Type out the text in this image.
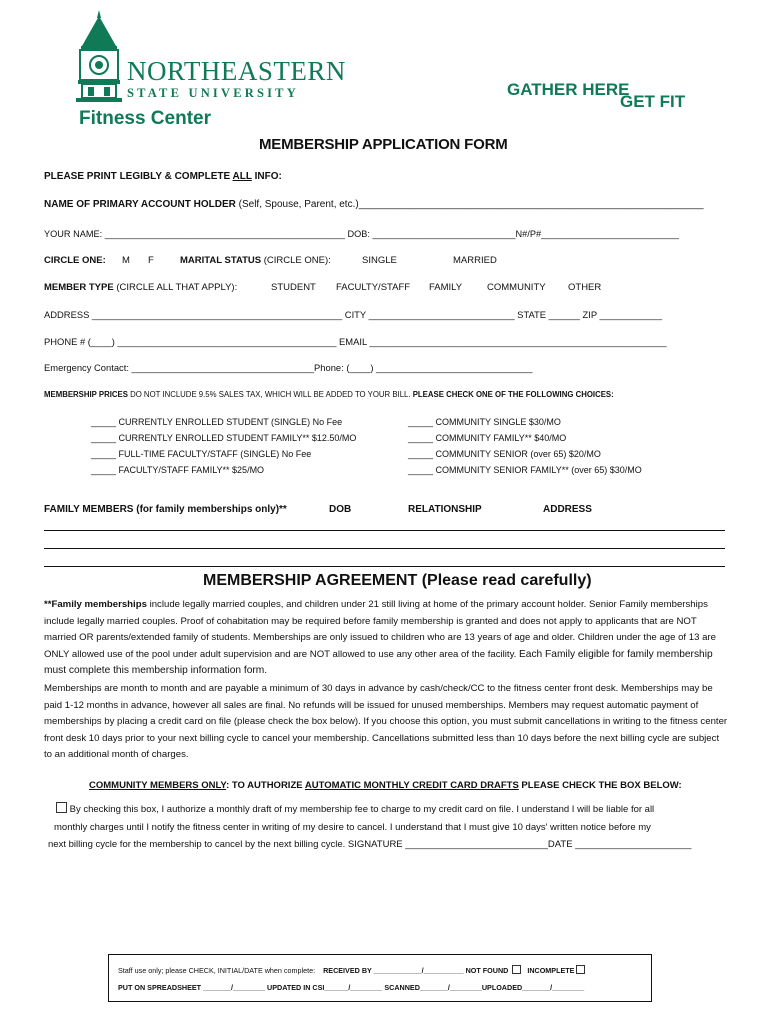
NORTHEASTERN
STATE UNIVERSITY
Fitness Center
GATHER HERE
GET FIT
MEMBERSHIP APPLICATION FORM
PLEASE PRINT LEGIBLY & COMPLETE ALL INFO:
NAME OF PRIMARY ACCOUNT HOLDER (Self, Spouse, Parent, etc.)______________________________________________________________
YOUR NAME: _______________________________________________ DOB: ____________________________N#/P#___________________________
CIRCLE ONE: M F	MARITAL STATUS (CIRCLE ONE):	SINGLE	MARRIED
MEMBER TYPE (CIRCLE ALL THAT APPLY):	STUDENT FACULTY/STAFF FAMILY	COMMUNITY OTHER
ADDRESS ________________________________________________ CITY ____________________________ STATE ______ ZIP ____________
PHONE # (____) __________________________________________ EMAIL _________________________________________________________
Emergency Contact: ___________________________________Phone: (____) ______________________________
MEMBERSHIP PRICES DO NOT INCLUDE 9.5% SALES TAX, WHICH WILL BE ADDED TO YOUR BILL. PLEASE CHECK ONE OF THE FOLLOWING CHOICES:
_____ CURRENTLY ENROLLED STUDENT (SINGLE) No Fee
_____ CURRENTLY ENROLLED STUDENT FAMILY** $12.50/MO
_____ FULL-TIME FACULTY/STAFF (SINGLE) No Fee
_____ FACULTY/STAFF FAMILY** $25/MO
_____ COMMUNITY SINGLE $30/MO
_____ COMMUNITY FAMILY** $40/MO
_____ COMMUNITY SENIOR (over 65) $20/MO
_____ COMMUNITY SENIOR FAMILY** (over 65) $30/MO
FAMILY MEMBERS (for family memberships only)**	DOB	RELATIONSHIP	ADDRESS
MEMBERSHIP AGREEMENT (Please read carefully)
**Family memberships include legally married couples, and children under 21 still living at home of the primary account holder. Senior Family memberships include legally married couples. Proof of cohabitation may be required before family membership is granted and does not apply to applicants that are NOT married OR parents/extended family of students. Memberships are only issued to children who are 13 years of age and older. Children under the age of 13 are ONLY allowed use of the pool under adult supervision and are NOT allowed to use any other area of the facility. Each Family eligible for family membership must complete this membership information form.
Memberships are month to month and are payable a minimum of 30 days in advance by cash/check/CC to the fitness center front desk. Memberships may be paid 1-12 months in advance, however all sales are final. No refunds will be issued for unused memberships. Members may request automatic payment of memberships by placing a credit card on file (please check the box below). If you choose this option, you must submit cancellations in writing to the fitness center front desk 10 days prior to your next billing cycle to cancel your membership. Cancellations submitted less than 10 days before the next billing cycle are subject to an additional month of charges.
COMMUNITY MEMBERS ONLY: TO AUTHORIZE AUTOMATIC MONTHLY CREDIT CARD DRAFTS PLEASE CHECK THE BOX BELOW:
By checking this box, I authorize a monthly draft of my membership fee to charge to my credit card on file. I understand I will be liable for all
monthly charges until I notify the fitness center in writing of my desire to cancel. I understand that I must give 10 days' written notice before my
next billing cycle for the membership to cancel by the next billing cycle. SIGNATURE ___________________________DATE ______________________
Staff use only; please CHECK, INITIAL/DATE when complete: RECEIVED BY ____________/__________ NOT FOUND	INCOMPLETE
PUT ON SPREADSHEET _______/________ UPDATED IN CSI______/________ SCANNED_______/________UPLOADED_______/________
